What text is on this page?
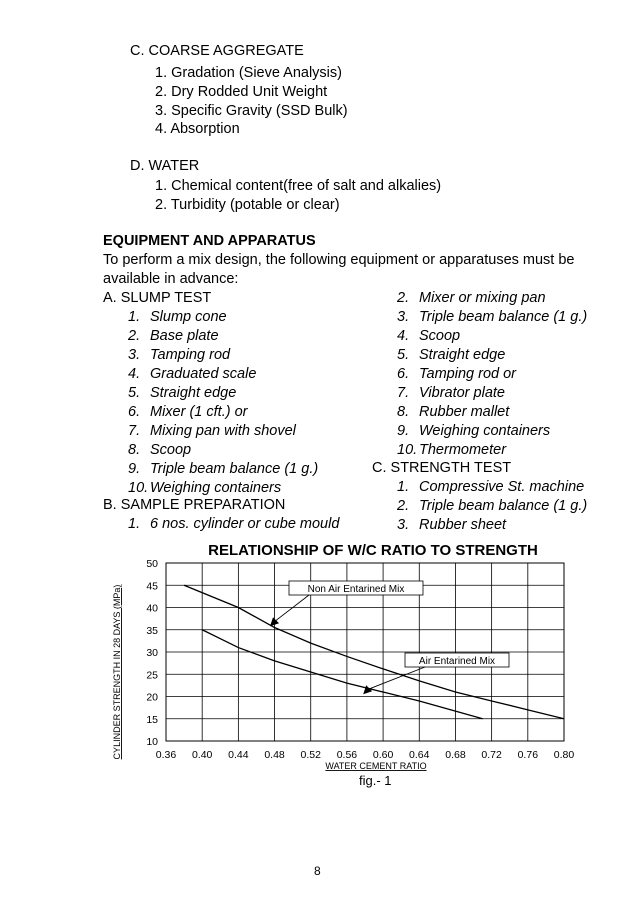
C. COARSE AGGREGATE
1. Gradation (Sieve Analysis)
2. Dry Rodded Unit Weight
3. Specific Gravity (SSD Bulk)
4. Absorption
D. WATER
1. Chemical content(free of salt and alkalies)
2. Turbidity (potable or clear)
EQUIPMENT AND APPARATUS
To perform a mix design, the following equipment or apparatuses must be
available in advance:
A. SLUMP TEST
1. Slump cone
2. Base plate
3. Tamping rod
4. Graduated scale
5. Straight edge
6. Mixer (1 cft.) or
7. Mixing pan with shovel
8. Scoop
9. Triple beam balance (1 g.)
10. Weighing containers
B. SAMPLE PREPARATION
1. 6 nos. cylinder or cube mould
2. Mixer or mixing pan
3. Triple beam balance (1 g.)
4. Scoop
5. Straight edge
6. Tamping rod or
7. Vibrator plate
8. Rubber mallet
9. Weighing containers
10. Thermometer
C. STRENGTH TEST
1. Compressive St. machine
2. Triple beam balance (1 g.)
3. Rubber sheet
RELATIONSHIP OF W/C RATIO TO STRENGTH
0.36 0.40 0.44 0.48 0.52 0.56 0.60 0.64 0.68 0.72 0.76 0.80
10
15
20
25
30
35
40
45
50
WATER CEMENT RATIO
CYLINDER STRENGTH IN 28 DAYS (MPa)	Non Air Entarined Mix
Air Entarined Mix
fig.- 1
8
